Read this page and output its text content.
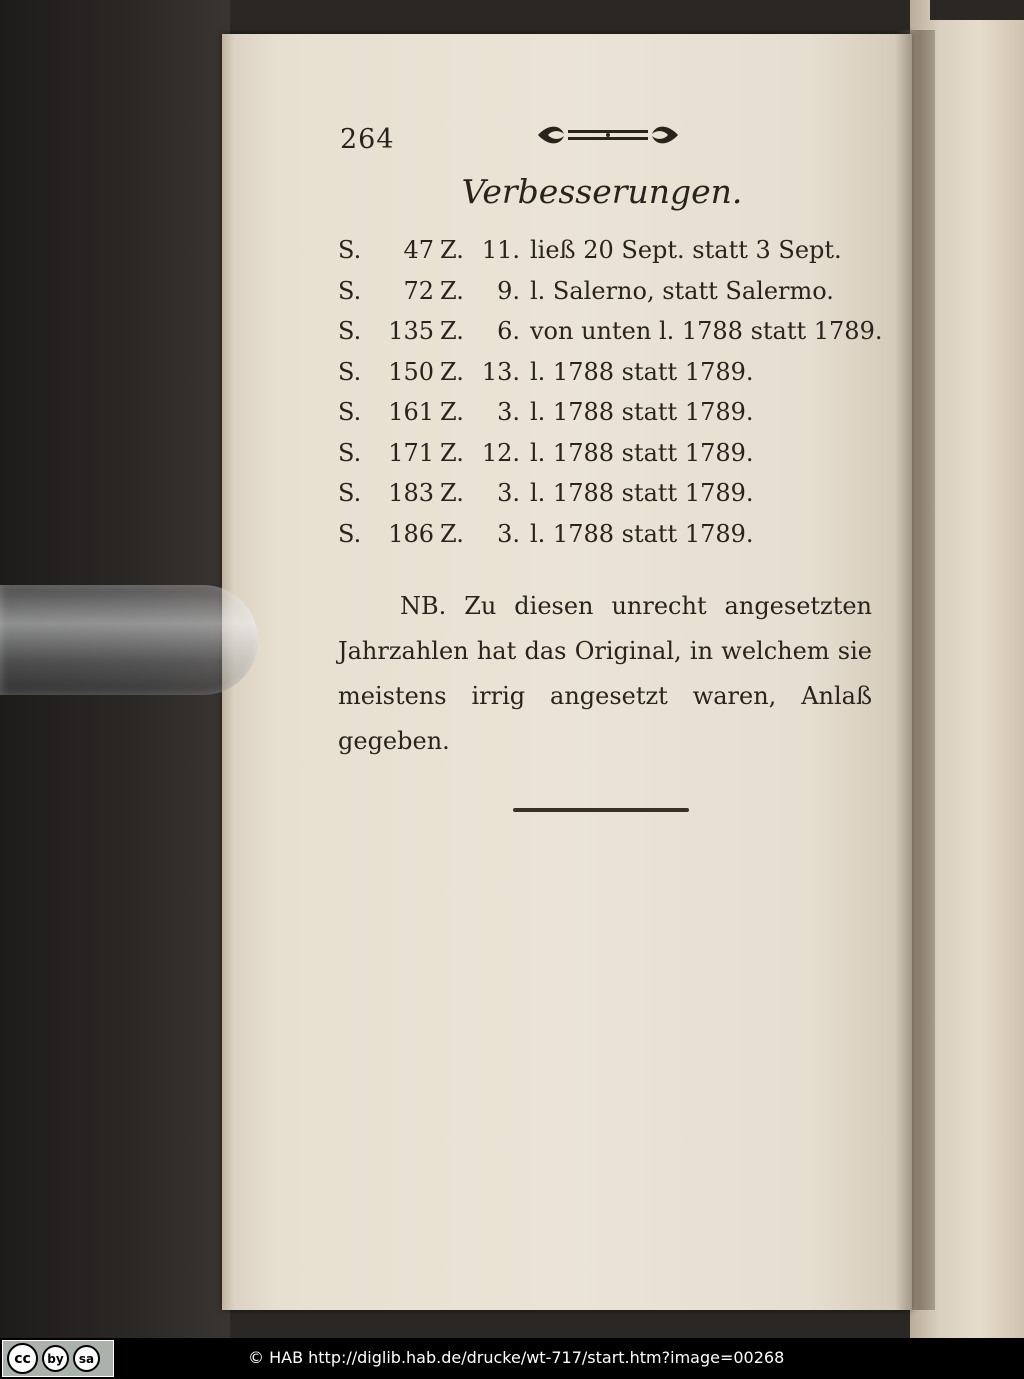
264
Verbesserungen.
S.	47 Z. 11. ließ 20 Sept. statt 3 Sept.
S.	72 Z.	9. l. Salerno, statt Salermo.
S. 135 Z.	6. von unten l. 1788 statt 1789.
S. 150 Z. 13. l. 1788 statt 1789.
S. 161 Z.	3. l. 1788 statt 1789.
S. 171 Z. 12. l. 1788 statt 1789.
S. 183 Z.	3. l. 1788 statt 1789.
S. 186 Z.	3. l. 1788 statt 1789.
NB. Zu diesen unrecht angesetzten Jahrzahlen hat das Original, in welchem sie meistens irrig angesetzt waren, Anlaß gegeben.
cc	by	sa	© HAB http://diglib.hab.de/drucke/wt-717/start.htm?image=00268
